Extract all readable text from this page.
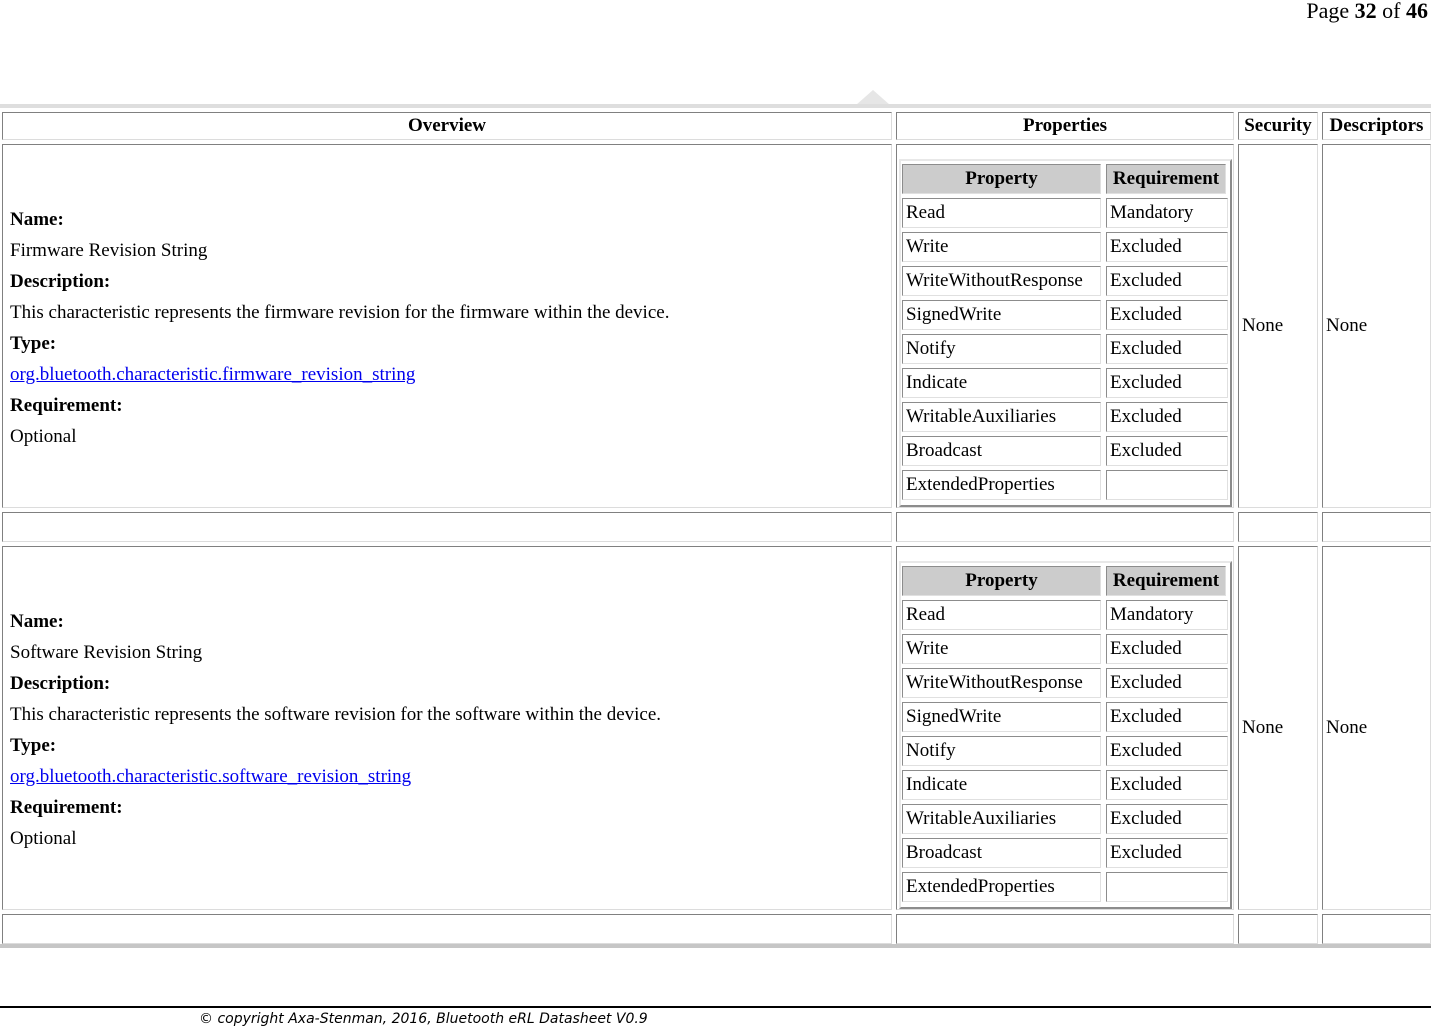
Page 32 of 46
Overview	Properties	Security Descriptors
Name:
Firmware Revision String
Description:
This characteristic represents the firmware revision for the firmware within the device.
Type:
org.bluetooth.characteristic.firmware_revision_string
Requirement:
Optional
Property	Requirement
Read	Mandatory
Write	Excluded
WriteWithoutResponse	Excluded
SignedWrite	Excluded
Notify	Excluded
Indicate	Excluded
WritableAuxiliaries	Excluded
Broadcast	Excluded
ExtendedProperties
None None
Name:
Software Revision String
Description:
This characteristic represents the software revision for the software within the device.
Type:
org.bluetooth.characteristic.software_revision_string
Requirement:
Optional
Property	Requirement
Read	Mandatory
Write	Excluded
WriteWithoutResponse	Excluded
SignedWrite	Excluded
Notify	Excluded
Indicate	Excluded
WritableAuxiliaries	Excluded
Broadcast	Excluded
ExtendedProperties
None None
© copyright Axa-Stenman, 2016, Bluetooth eRL Datasheet V0.9
